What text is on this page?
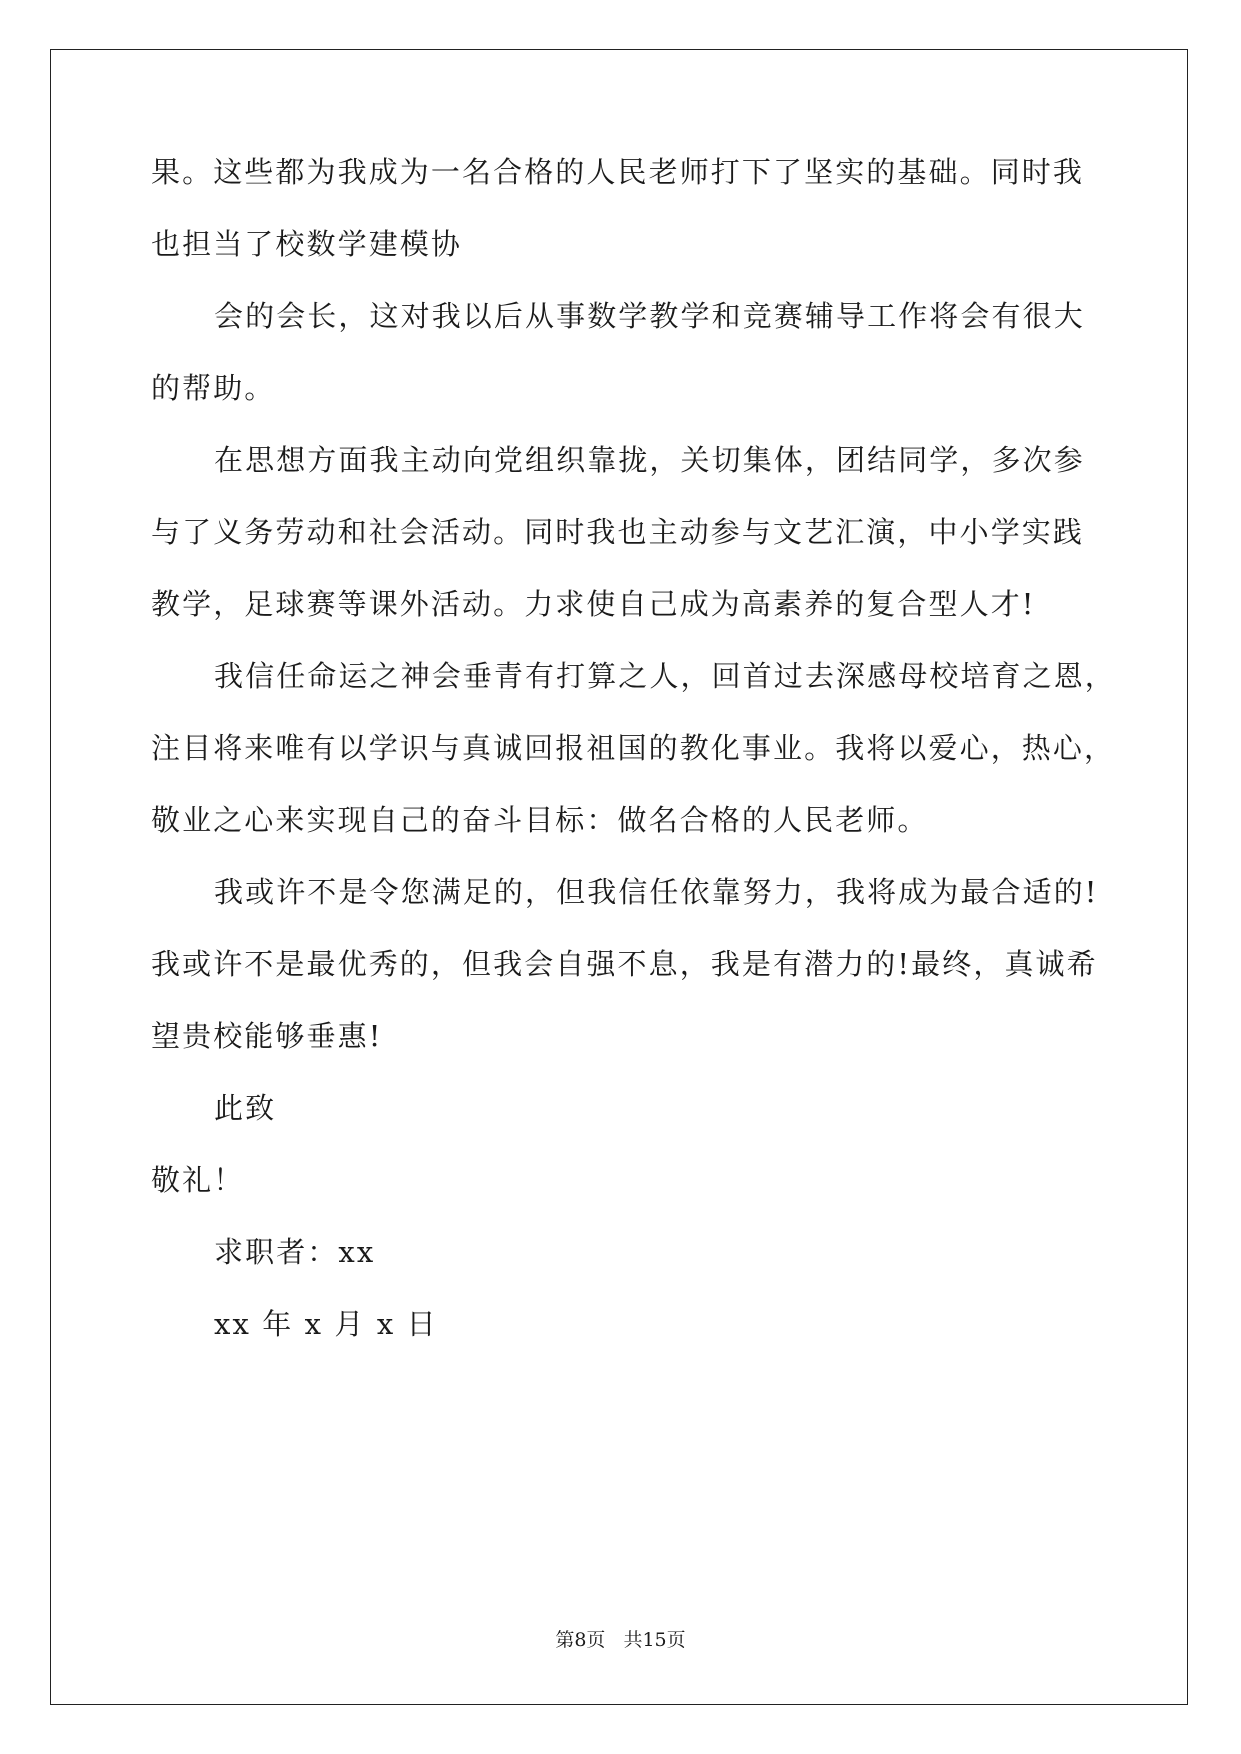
果。这些都为我成为一名合格的人民老师打下了坚实的基础。同时我
也担当了校数学建模协
会的会长，这对我以后从事数学教学和竞赛辅导工作将会有很大
的帮助。
在思想方面我主动向党组织靠拢，关切集体，团结同学，多次参
与了义务劳动和社会活动。同时我也主动参与文艺汇演，中小学实践
教学，足球赛等课外活动。力求使自己成为高素养的复合型人才!
我信任命运之神会垂青有打算之人，回首过去深感母校培育之恩，
注目将来唯有以学识与真诚回报祖国的教化事业。我将以爱心，热心，
敬业之心来实现自己的奋斗目标：做名合格的人民老师。
我或许不是令您满足的，但我信任依靠努力，我将成为最合适的!
我或许不是最优秀的，但我会自强不息，我是有潜力的!最终，真诚希
望贵校能够垂惠!
此致
敬礼！
求职者：xx
xx 年 x 月 x 日
第8页 共15页
